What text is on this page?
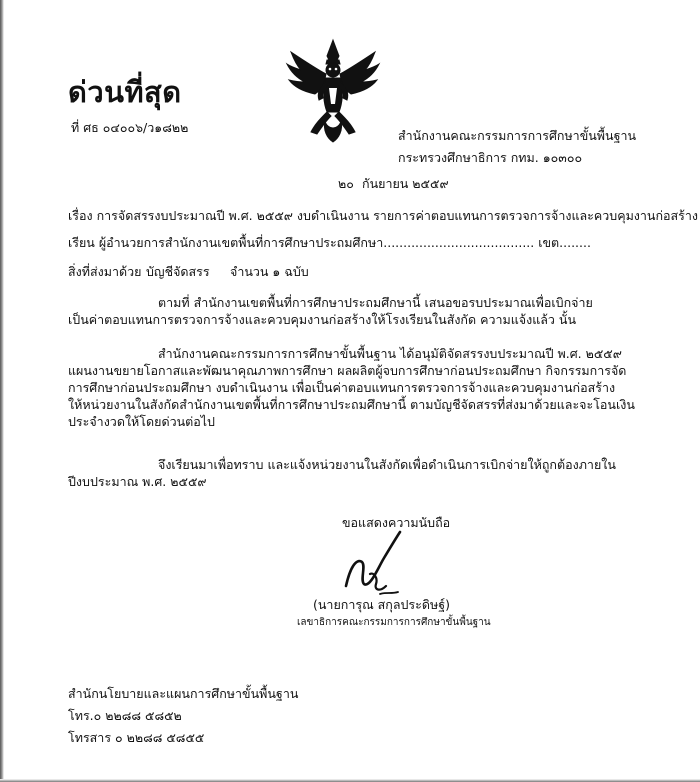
ด่วนที่สุด
ที่ ศธ ๐๔๐๐๖/ว๑๘๒๒
สำนักงานคณะกรรมการการศึกษาขั้นพื้นฐาน
กระทรวงศึกษาธิการ กทม. ๑๐๓๐๐
๒๐ กันยายน ๒๕๕๙
เรื่อง การจัดสรรงบประมาณปี พ.ศ. ๒๕๕๙ งบดำเนินงาน รายการค่าตอบแทนการตรวจการจ้างและควบคุมงานก่อสร้าง
เรียน ผู้อำนวยการสำนักงานเขตพื้นที่การศึกษาประถมศึกษา...................................... เขต........
สิ่งที่ส่งมาด้วย บัญชีจัดสรร จำนวน ๑ ฉบับ
ตามที่ สำนักงานเขตพื้นที่การศึกษาประถมศึกษานี้ เสนอขอรบประมาณเพื่อเบิกจ่าย
เป็นค่าตอบแทนการตรวจการจ้างและควบคุมงานก่อสร้างให้โรงเรียนในสังกัด ความแจ้งแล้ว นั้น
สำนักงานคณะกรรมการการศึกษาขั้นพื้นฐาน ได้อนุมัติจัดสรรงบประมาณปี พ.ศ. ๒๕๕๙
แผนงานขยายโอกาสและพัฒนาคุณภาพการศึกษา ผลผลิตผู้จบการศึกษาก่อนประถมศึกษา กิจกรรมการจัด
การศึกษาก่อนประถมศึกษา งบดำเนินงาน เพื่อเป็นค่าตอบแทนการตรวจการจ้างและควบคุมงานก่อสร้าง
ให้หน่วยงานในสังกัดสำนักงานเขตพื้นที่การศึกษาประถมศึกษานี้ ตามบัญชีจัดสรรที่ส่งมาด้วยและจะโอนเงิน
ประจำงวดให้โดยด่วนต่อไป
จึงเรียนมาเพื่อทราบ และแจ้งหน่วยงานในสังกัดเพื่อดำเนินการเบิกจ่ายให้ถูกต้องภายใน
ปีงบประมาณ พ.ศ. ๒๕๕๙
ขอแสดงความนับถือ
(นายการุณ สกุลประดิษฐ์)
เลขาธิการคณะกรรมการการศึกษาขั้นพื้นฐาน
สำนักนโยบายและแผนการศึกษาขั้นพื้นฐาน
โทร.๐ ๒๒๘๘ ๕๘๕๒
โทรสาร ๐ ๒๒๘๘ ๕๘๕๕
